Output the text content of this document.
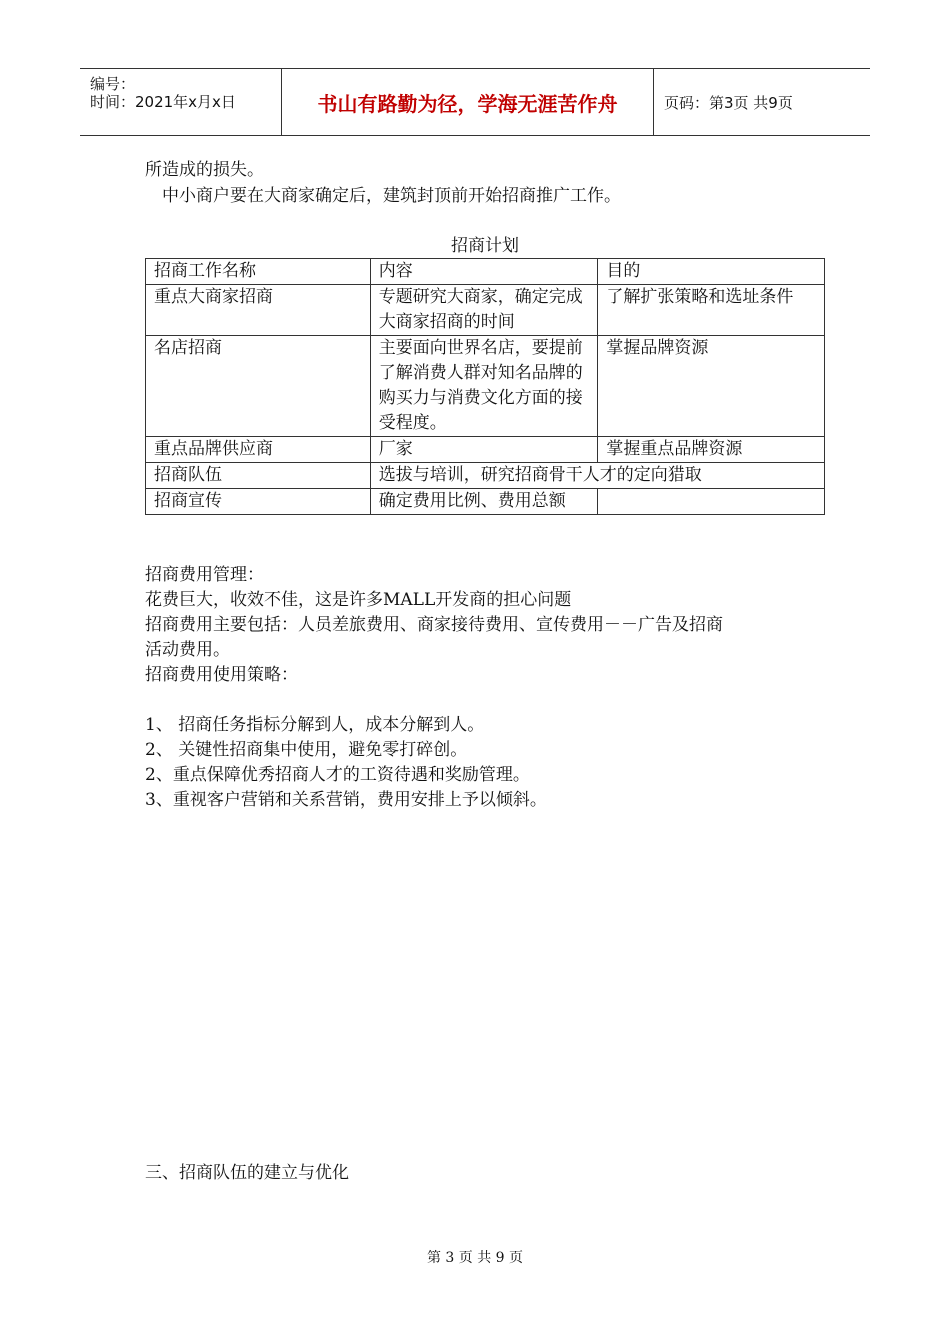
编号：
时间：2021年x月x日	书山有路勤为径，学海无涯苦作舟	页码：第3页 共9页
所造成的损失。
中小商户要在大商家确定后，建筑封顶前开始招商推广工作。
招商计划
招商工作名称	内容	目的
重点大商家招商	专题研究大商家，确定完成大商家招商的时间	了解扩张策略和选址条件
名店招商	主要面向世界名店，要提前了解消费人群对知名品牌的购买力与消费文化方面的接受程度。	掌握品牌资源
重点品牌供应商	厂家	掌握重点品牌资源
招商队伍	选拔与培训，研究招商骨干人才的定向猎取	
招商宣传	确定费用比例、费用总额	
招商费用管理：
花费巨大，收效不佳，这是许多MALL开发商的担心问题
招商费用主要包括：人员差旅费用、商家接待费用、宣传费用－－广告及招商
活动费用。
招商费用使用策略：
1、 招商任务指标分解到人，成本分解到人。
2、 关键性招商集中使用，避免零打碎创。
2、重点保障优秀招商人才的工资待遇和奖励管理。
3、重视客户营销和关系营销，费用安排上予以倾斜。
三、招商队伍的建立与优化
第 3 页 共 9 页
